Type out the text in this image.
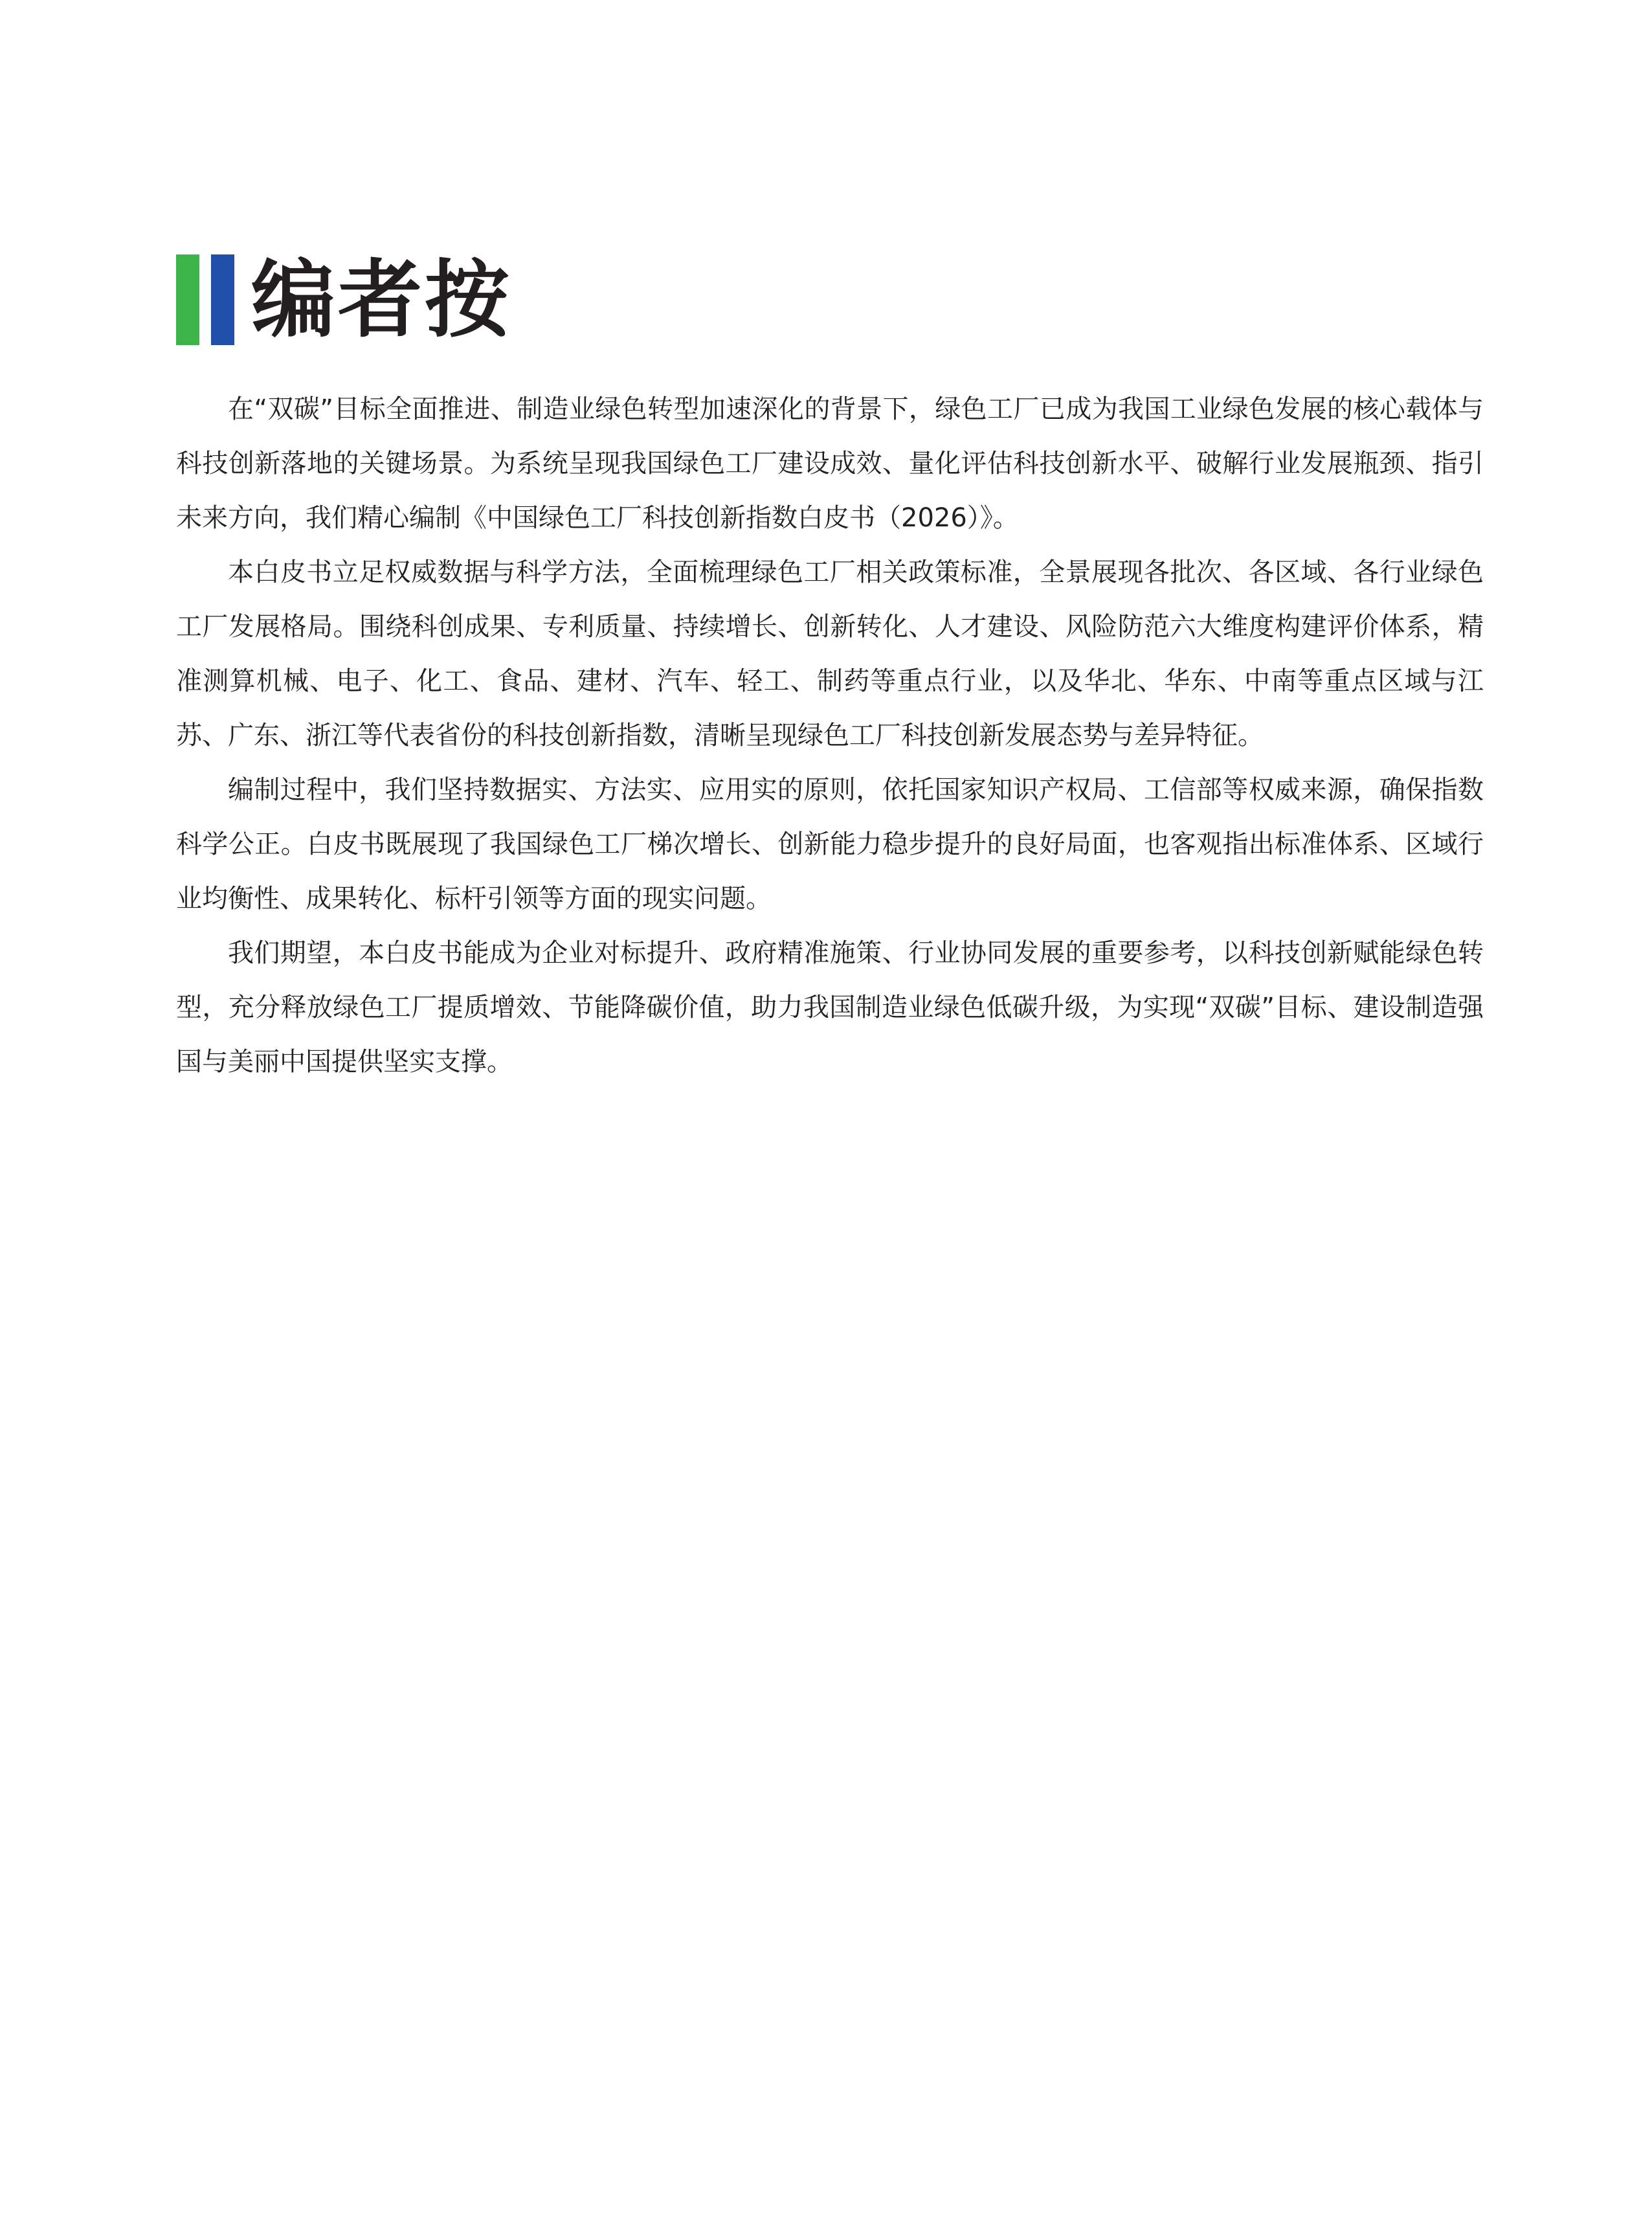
编者按

在“双碳”目标全面推进、制造业绿色转型加速深化的背景下，绿色工厂已成为我国工业绿色发展的核心载体与科技创新落地的关键场景。为系统呈现我国绿色工厂建设成效、量化评估科技创新水平、破解行业发展瓶颈、指引未来方向，我们精心编制《中国绿色工厂科技创新指数白皮书（2026）》。

本白皮书立足权威数据与科学方法，全面梳理绿色工厂相关政策标准，全景展现各批次、各区域、各行业绿色工厂发展格局。围绕科创成果、专利质量、持续增长、创新转化、人才建设、风险防范六大维度构建评价体系，精准测算机械、电子、化工、食品、建材、汽车、轻工、制药等重点行业，以及华北、华东、中南等重点区域与江苏、广东、浙江等代表省份的科技创新指数，清晰呈现绿色工厂科技创新发展态势与差异特征。

编制过程中，我们坚持数据实、方法实、应用实的原则，依托国家知识产权局、工信部等权威来源，确保指数科学公正。白皮书既展现了我国绿色工厂梯次增长、创新能力稳步提升的良好局面，也客观指出标准体系、区域行业均衡性、成果转化、标杆引领等方面的现实问题。

我们期望，本白皮书能成为企业对标提升、政府精准施策、行业协同发展的重要参考，以科技创新赋能绿色转型，充分释放绿色工厂提质增效、节能降碳价值，助力我国制造业绿色低碳升级，为实现“双碳”目标、建设制造强国与美丽中国提供坚实支撑。
